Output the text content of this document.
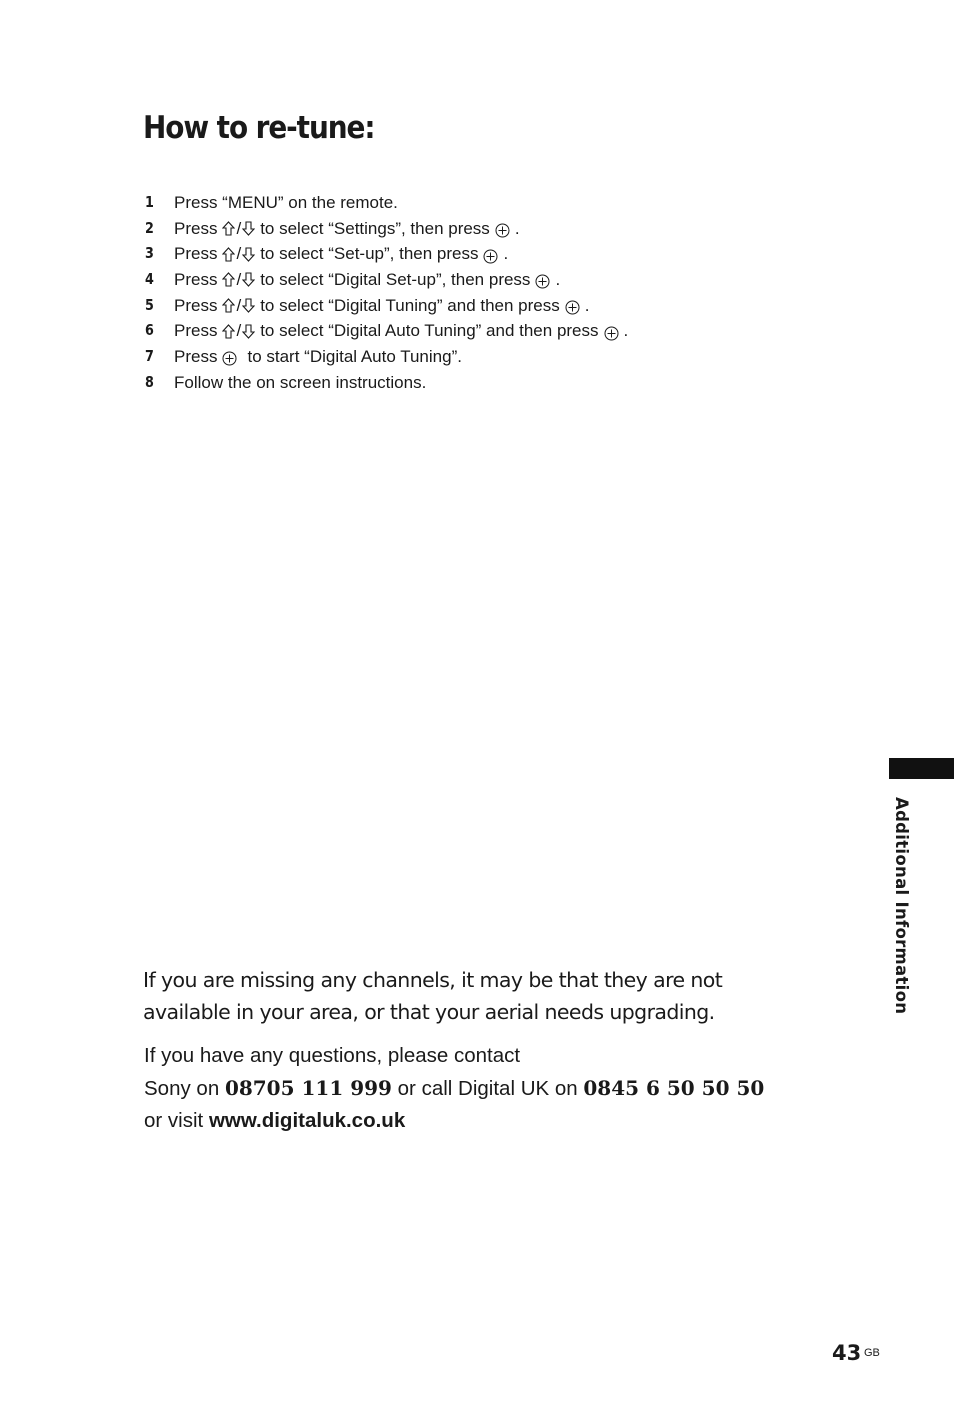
How to re-tune:
1	Press “MENU” on the remote.
2	Press / to select “Settings”, then press .
3	Press / to select “Set-up”, then press .
4	Press / to select “Digital Set-up”, then press .
5	Press / to select “Digital Tuning” and then press .
6	Press / to select “Digital Auto Tuning” and then press .
7	Press to start “Digital Auto Tuning”.
8	Follow the on screen instructions.

If you are missing any channels, it may be that they are not available in your area, or that your aerial needs upgrading.

If you have any questions, please contact
Sony on 08705 111 999 or call Digital UK on 0845 6 50 50 50
or visit www.digitaluk.co.uk

Additional Information
43 GB
